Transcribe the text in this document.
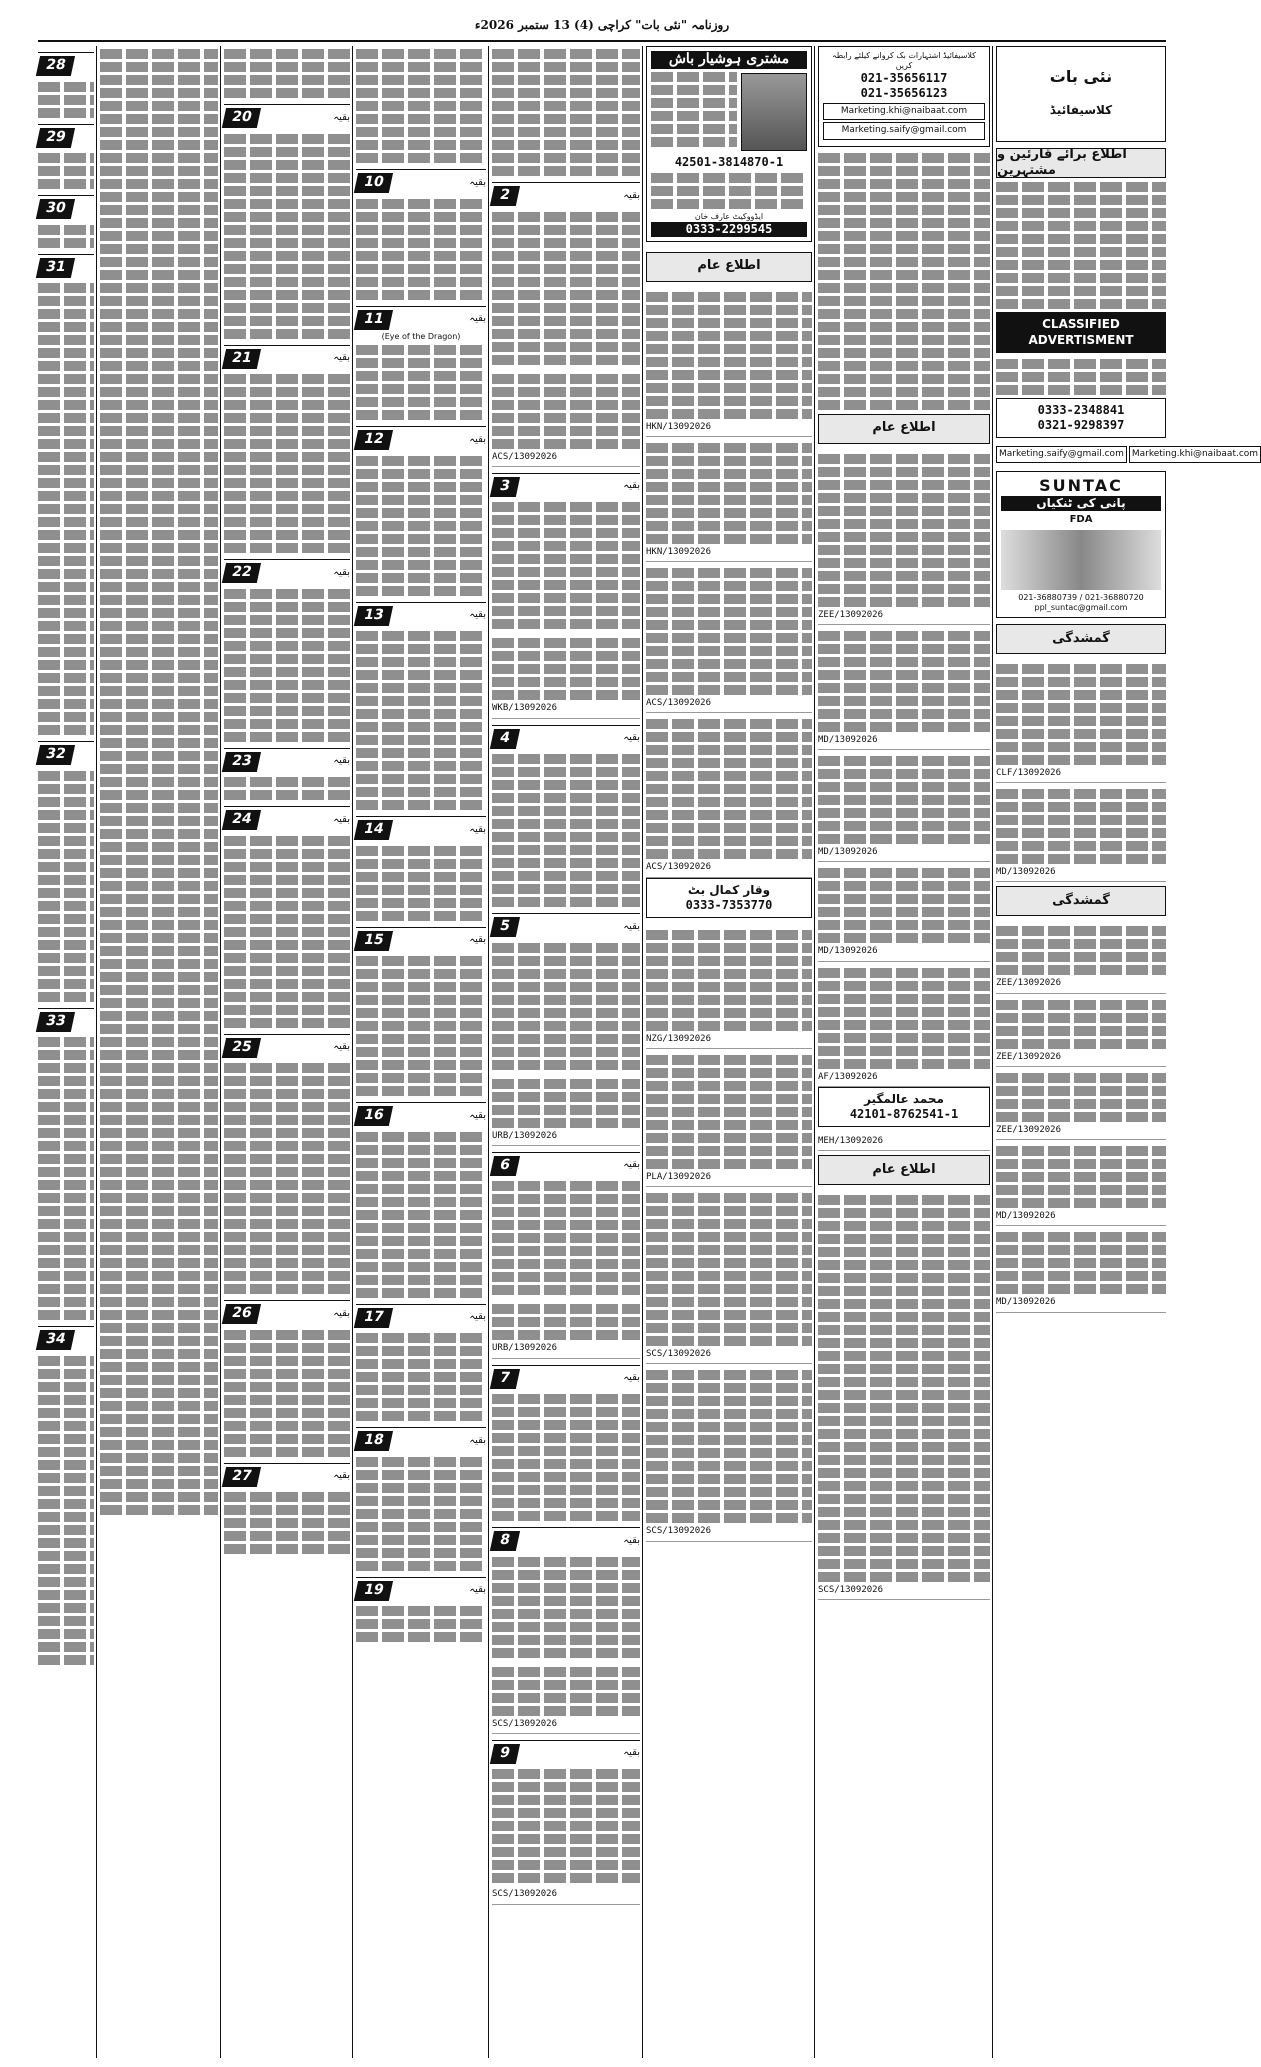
روزنامہ "نئی بات" کراچی (4) 13 ستمبر 2026ء
نئی بات
کلاسیفائیڈ
اطلاع برائے قارئین و مشتہرین
CLASSIFIED ADVERTISMENT
0333-2348841
0321-9298397
Marketing.saify@gmail.com Marketing.khi@naibaat.com
SUNTAC
پانی کی ٹنکیاں
FDA
021-36880739 / 021-36880720
ppl_suntac@gmail.com
گمشدگی
CLF/13092026
MD/13092026
گمشدگی
ZEE/13092026
ZEE/13092026
ZEE/13092026
MD/13092026
MD/13092026
کلاسیفائیڈ اشتہارات بک کروانے کیلئے رابطہ کریں
021-35656117
021-35656123
Marketing.khi@naibaat.com
Marketing.saify@gmail.com
اطلاع عام
ZEE/13092026
MD/13092026
MD/13092026
MD/13092026
AF/13092026
محمد عالمگیر
42101-8762541-1
MEH/13092026
اطلاع عام
SCS/13092026
مشتری ہوشیار باش
42501-3814870-1
ایڈووکیٹ عارف خان
0333-2299545
اطلاع عام
HKN/13092026
HKN/13092026
ACS/13092026
ACS/13092026
وقار کمال بٹ
0333-7353770
NZG/13092026
PLA/13092026
SCS/13092026
SCS/13092026
2	بقیہ
ACS/13092026
3	بقیہ
WKB/13092026
4	بقیہ
5	بقیہ
URB/13092026
6	بقیہ
URB/13092026
7	بقیہ
8	بقیہ
SCS/13092026
9	بقیہ
SCS/13092026
10	بقیہ
11	بقیہ
(Eye of the Dragon)
12	بقیہ
13	بقیہ
14	بقیہ
15	بقیہ
16	بقیہ
17	بقیہ
18	بقیہ
19	بقیہ
20	بقیہ
21	بقیہ
22	بقیہ
23	بقیہ
24	بقیہ
25	بقیہ
26	بقیہ
27	بقیہ
28
29
30
31
32
33
34
